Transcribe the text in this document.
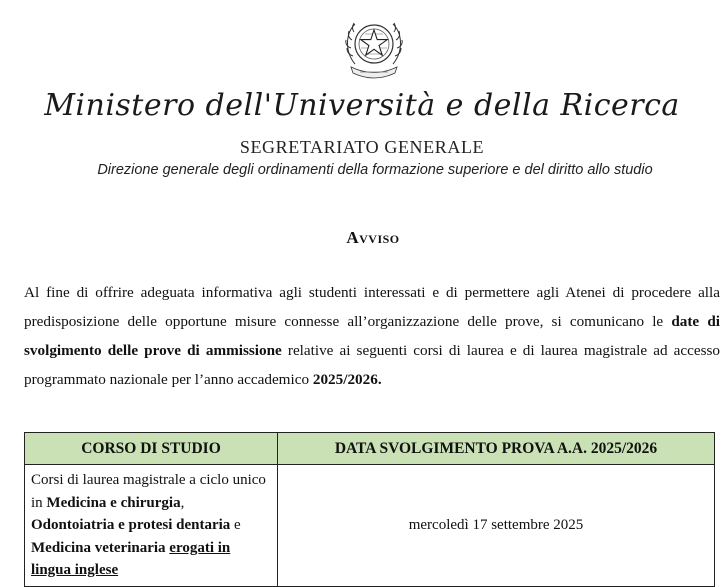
Ministero dell'Università e della Ricerca
SEGRETARIATO GENERALE
Direzione generale degli ordinamenti della formazione superiore e del diritto allo studio
Avviso
Al fine di offrire adeguata informativa agli studenti interessati e di permettere agli Atenei di procedere alla predisposizione delle opportune misure connesse all’organizzazione delle prove, si comunicano le date di svolgimento delle prove di ammissione relative ai seguenti corsi di laurea e di laurea magistrale ad accesso programmato nazionale per l’anno accademico 2025/2026.
CORSO DI STUDIO	DATA SVOLGIMENTO PROVA A.A. 2025/2026
Corsi di laurea magistrale a ciclo unico in Medicina e chirurgia, Odontoiatria e protesi dentaria e Medicina veterinaria erogati in lingua inglese	mercoledì 17 settembre 2025
